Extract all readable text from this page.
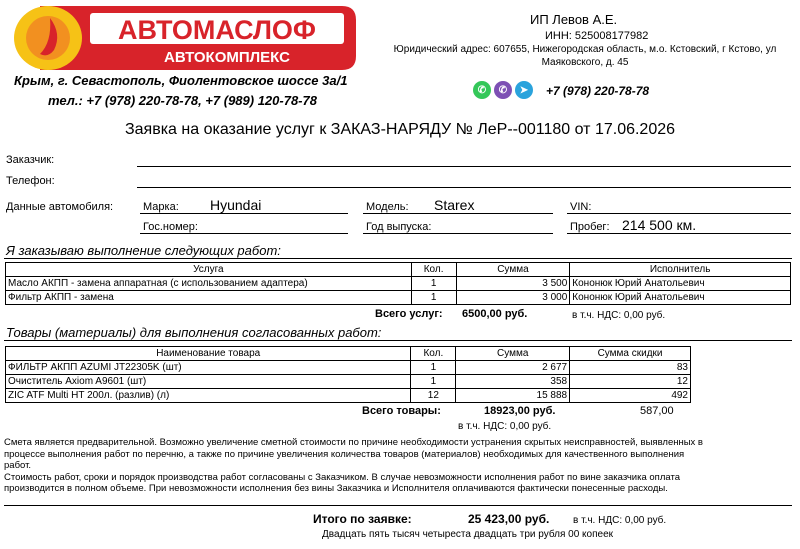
АВТОМАСЛОФ
АВТОКОМПЛЕКС
Крым, г. Севастополь, Фиолентовское шоссе 3а/1
тел.: +7 (978) 220-78-78, +7 (989) 120-78-78
ИП Левов А.Е.
ИНН: 525008177982
Юридический адрес: 607655, Нижегородская область, м.о. Кстовский, г Кстово, ул Маяковского, д. 45
✆	✆	➤	+7 (978) 220-78-78
Заявка на оказание услуг к ЗАКАЗ-НАРЯДУ № ЛеР--001180 от 17.06.2026
Заказчик:
Телефон:
Данные автомобиля:	Марка: Hyundai	Модель: Starex	VIN:
Гос.номер:	Год выпуска:	Пробег: 214 500 км.
Я заказываю выполнение следующих работ:
Услуга	Кол.	Сумма	Исполнитель
Масло АКПП - замена аппаратная (с использованием адаптера)	1	3 500	Кононюк Юрий Анатольевич
Фильтр АКПП - замена	1	3 000	Кононюк Юрий Анатольевич
Всего услуг: 6500,00 руб.	в т.ч. НДС: 0,00 руб.
Товары (материалы) для выполнения согласованных работ:
Наименование товара	Кол.	Сумма	Сумма скидки
ФИЛЬТР АКПП AZUMI JT22305K (шт)	1	2 677	83
Очиститель Axiom A9601 (шт)	1	358	12
ZIC ATF Multi HT 200л. (разлив) (л)	12	15 888	492
Всего товары:	18923,00 руб.	587,00
в т.ч. НДС: 0,00 руб.
Смета является предварительной. Возможно увеличение сметной стоимости по причине необходимости устранения скрытых неисправностей, выявленных в процессе выполнения работ по перечню, а также по причине увеличения количества товаров (материалов) необходимых для качественного выполнения работ.
Стоимость работ, сроки и порядок производства работ согласованы с Заказчиком. В случае невозможности исполнения работ по вине заказчика оплата производится в полном объеме. При невозможности исполнения без вины Заказчика и Исполнителя оплачиваются фактически понесенные расходы.
Итого по заявке:	25 423,00 руб. в т.ч. НДС: 0,00 руб.
Двадцать пять тысяч четыреста двадцать три рубля 00 копеек
